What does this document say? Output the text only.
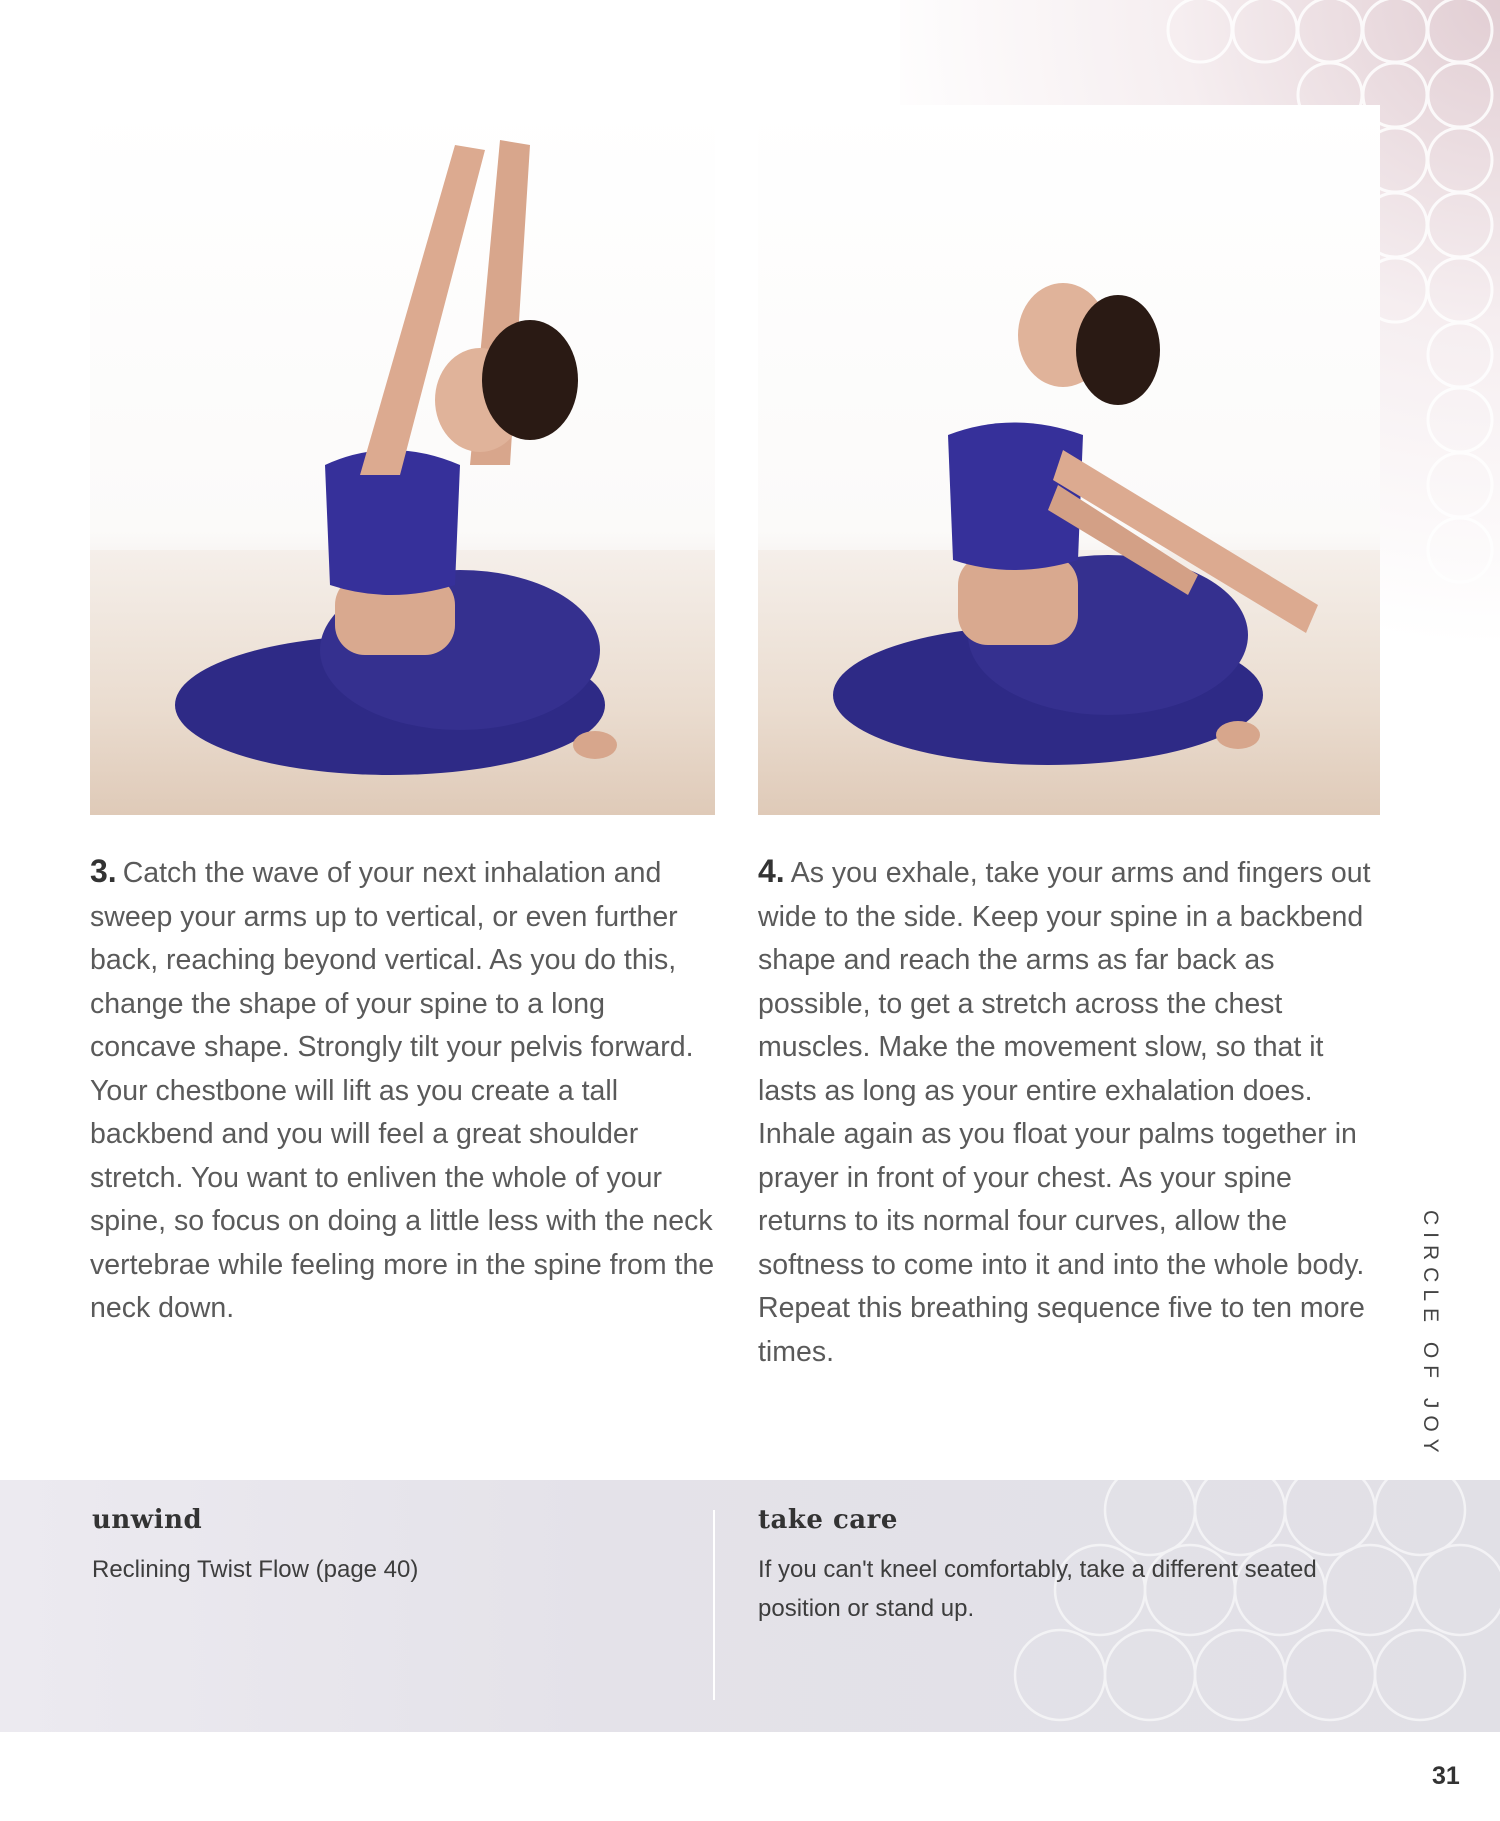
3. Catch the wave of your next inhalation and sweep your arms up to vertical, or even further back, reaching beyond vertical. As you do this, change the shape of your spine to a long concave shape. Strongly tilt your pelvis forward. Your chestbone will lift as you create a tall backbend and you will feel a great shoulder stretch. You want to enliven the whole of your spine, so focus on doing a little less with the neck vertebrae while feeling more in the spine from the neck down.
4. As you exhale, take your arms and fingers out wide to the side. Keep your spine in a backbend shape and reach the arms as far back as possible, to get a stretch across the chest muscles. Make the movement slow, so that it lasts as long as your entire exhalation does. Inhale again as you float your palms together in prayer in front of your chest. As your spine returns to its normal four curves, allow the softness to come into it and into the whole body. Repeat this breathing sequence five to ten more times.	CIRCLE OF JOY
unwind
Reclining Twist Flow (page 40)
take care
If you can't kneel comfortably, take a different seated position or stand up.
31
